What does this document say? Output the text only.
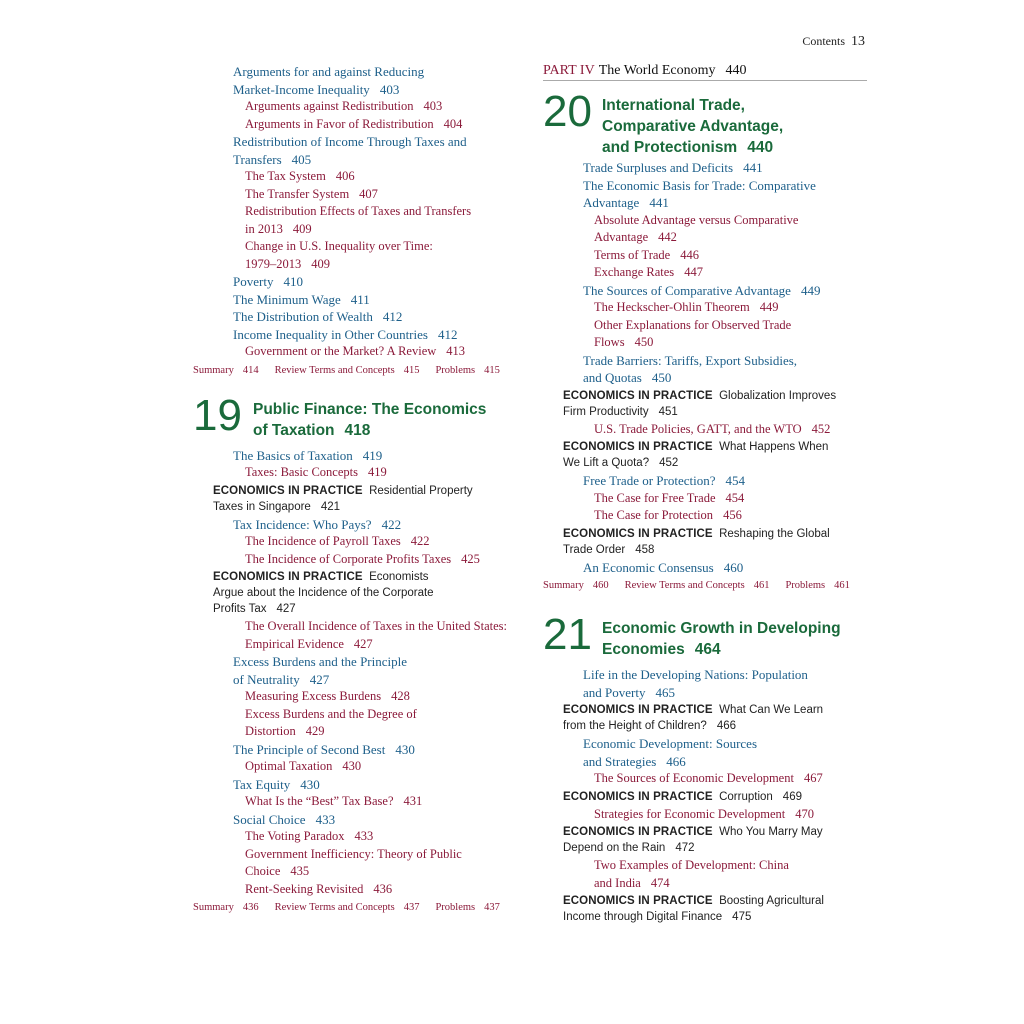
Contents 13
Arguments for and against Reducing
Market-Income Inequality 403
Arguments against Redistribution 403
Arguments in Favor of Redistribution 404
Redistribution of Income Through Taxes and
Transfers 405
The Tax System 406
The Transfer System 407
Redistribution Effects of Taxes and Transfers
in 2013 409
Change in U.S. Inequality over Time:
1979–2013 409
Poverty 410
The Minimum Wage 411
The Distribution of Wealth 412
Income Inequality in Other Countries 412
Government or the Market? A Review 413
Summary 414 Review Terms and Concepts 415 Problems 415
19 Public Finance: The Economics
of Taxation 418
The Basics of Taxation 419
Taxes: Basic Concepts 419
ECONOMICS IN PRACTICE Residential Property
Taxes in Singapore 421
Tax Incidence: Who Pays? 422
The Incidence of Payroll Taxes 422
The Incidence of Corporate Profits Taxes 425
ECONOMICS IN PRACTICE Economists
Argue about the Incidence of the Corporate
Profits Tax 427
The Overall Incidence of Taxes in the United States:
Empirical Evidence 427
Excess Burdens and the Principle
of Neutrality 427
Measuring Excess Burdens 428
Excess Burdens and the Degree of
Distortion 429
The Principle of Second Best 430
Optimal Taxation 430
Tax Equity 430
What Is the “Best” Tax Base? 431
Social Choice 433
The Voting Paradox 433
Government Inefficiency: Theory of Public
Choice 435
Rent-Seeking Revisited 436
Summary 436 Review Terms and Concepts 437 Problems 437
PART IV The World Economy 440
20 International Trade,
Comparative Advantage,
and Protectionism 440
Trade Surpluses and Deficits 441
The Economic Basis for Trade: Comparative
Advantage 441
Absolute Advantage versus Comparative
Advantage 442
Terms of Trade 446
Exchange Rates 447
The Sources of Comparative Advantage 449
The Heckscher-Ohlin Theorem 449
Other Explanations for Observed Trade
Flows 450
Trade Barriers: Tariffs, Export Subsidies,
and Quotas 450
ECONOMICS IN PRACTICE Globalization Improves
Firm Productivity 451
U.S. Trade Policies, GATT, and the WTO 452
ECONOMICS IN PRACTICE What Happens When
We Lift a Quota? 452
Free Trade or Protection? 454
The Case for Free Trade 454
The Case for Protection 456
ECONOMICS IN PRACTICE Reshaping the Global
Trade Order 458
An Economic Consensus 460
Summary 460 Review Terms and Concepts 461 Problems 461
21 Economic Growth in Developing
Economies 464
Life in the Developing Nations: Population
and Poverty 465
ECONOMICS IN PRACTICE What Can We Learn
from the Height of Children? 466
Economic Development: Sources
and Strategies 466
The Sources of Economic Development 467
ECONOMICS IN PRACTICE Corruption 469
Strategies for Economic Development 470
ECONOMICS IN PRACTICE Who You Marry May
Depend on the Rain 472
Two Examples of Development: China
and India 474
ECONOMICS IN PRACTICE Boosting Agricultural
Income through Digital Finance 475
